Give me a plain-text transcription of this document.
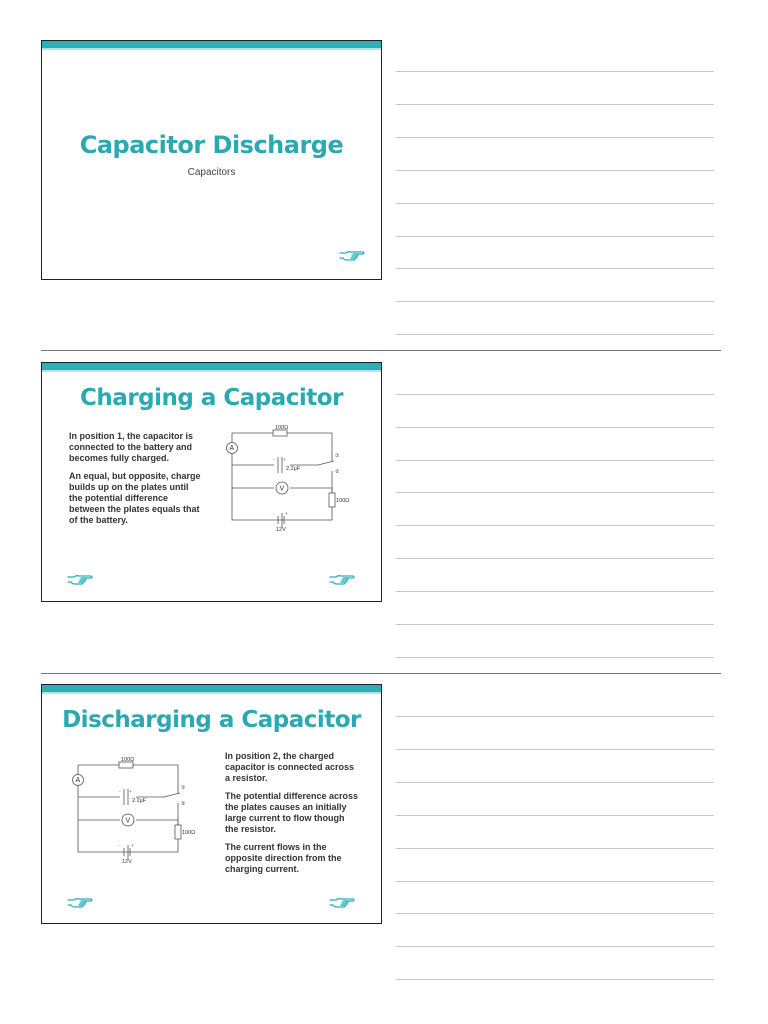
Capacitor Discharge
Capacitors
Charging a Capacitor

In position 1, the capacitor is connected to the battery and becomes fully charged.

An equal, but opposite, charge builds up on the plates until the potential difference between the plates equals that of the battery.

100Ω
2.2μF
A
V
100Ω
12V
①
②
- +
- +
Discharging a Capacitor
100Ω
2.2μF
A
V
100Ω
12V
①
②
- +
- +

In position 2, the charged capacitor is connected across a resistor.

The potential difference across the plates causes an initially large current to flow though the resistor.

The current flows in the opposite direction from the charging current.
